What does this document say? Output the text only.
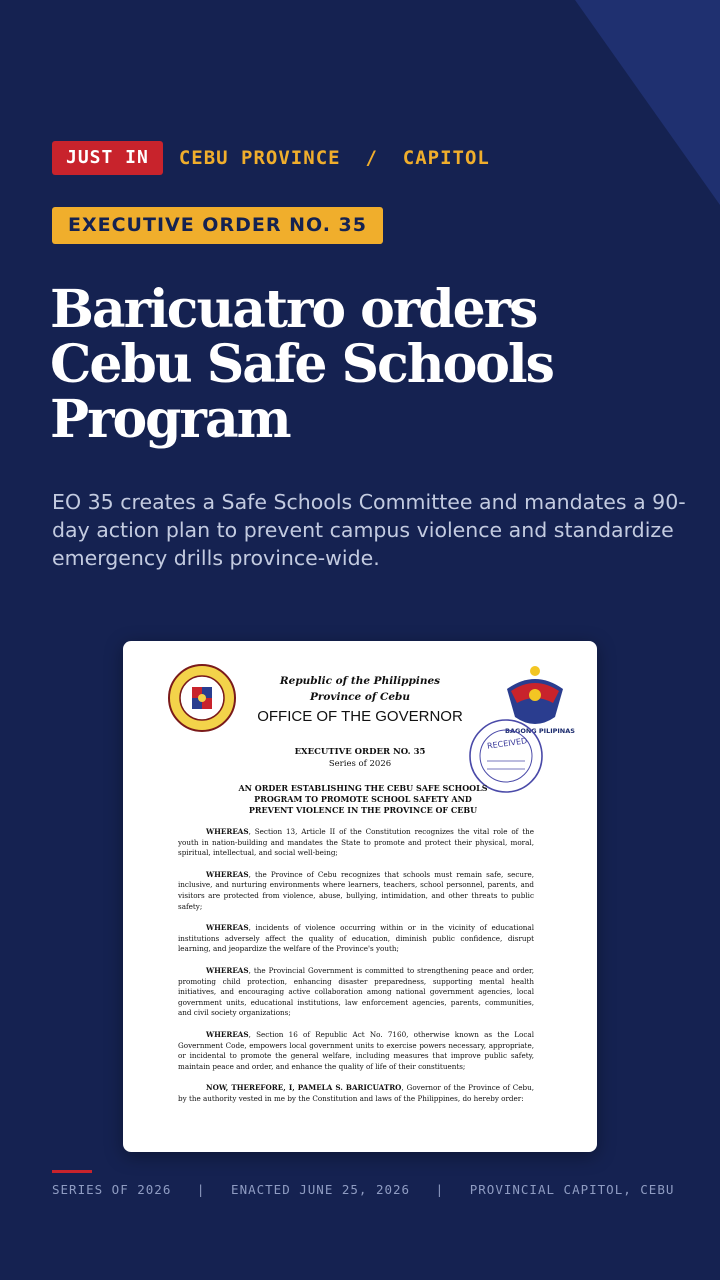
JUST IN	CEBU PROVINCE  /  CAPITOL
EXECUTIVE ORDER NO. 35
Baricuatro orders Cebu Safe Schools Program

EO 35 creates a Safe Schools Committee and mandates a 90-day action plan to prevent campus violence and standardize emergency drills province-wide.

BAGONG PILIPINAS
RECEIVED
Republic of the Philippines
Province of Cebu
OFFICE OF THE GOVERNOR
EXECUTIVE ORDER NO. 35
Series of 2026
AN ORDER ESTABLISHING THE CEBU SAFE SCHOOLS PROGRAM TO PROMOTE SCHOOL SAFETY AND PREVENT VIOLENCE IN THE PROVINCE OF CEBU

WHEREAS, Section 13, Article II of the Constitution recognizes the vital role of the youth in nation-building and mandates the State to promote and protect their physical, moral, spiritual, intellectual, and social well-being;

WHEREAS, the Province of Cebu recognizes that schools must remain safe, secure, inclusive, and nurturing environments where learners, teachers, school personnel, parents, and visitors are protected from violence, abuse, bullying, intimidation, and other threats to public safety;

WHEREAS, incidents of violence occurring within or in the vicinity of educational institutions adversely affect the quality of education, diminish public confidence, disrupt learning, and jeopardize the welfare of the Province's youth;

WHEREAS, the Provincial Government is committed to strengthening peace and order, promoting child protection, enhancing disaster preparedness, supporting mental health initiatives, and encouraging active collaboration among national government agencies, local government units, educational institutions, law enforcement agencies, parents, communities, and civil society organizations;

WHEREAS, Section 16 of Republic Act No. 7160, otherwise known as the Local Government Code, empowers local government units to exercise powers necessary, appropriate, or incidental to promote the general welfare, including measures that improve public safety, maintain peace and order, and enhance the quality of life of their constituents;

NOW, THEREFORE, I, PAMELA S. BARICUATRO, Governor of the Province of Cebu, by the authority vested in me by the Constitution and laws of the Philippines, do hereby order:

SERIES OF 2026   |   ENACTED JUNE 25, 2026   |   PROVINCIAL CAPITOL, CEBU
